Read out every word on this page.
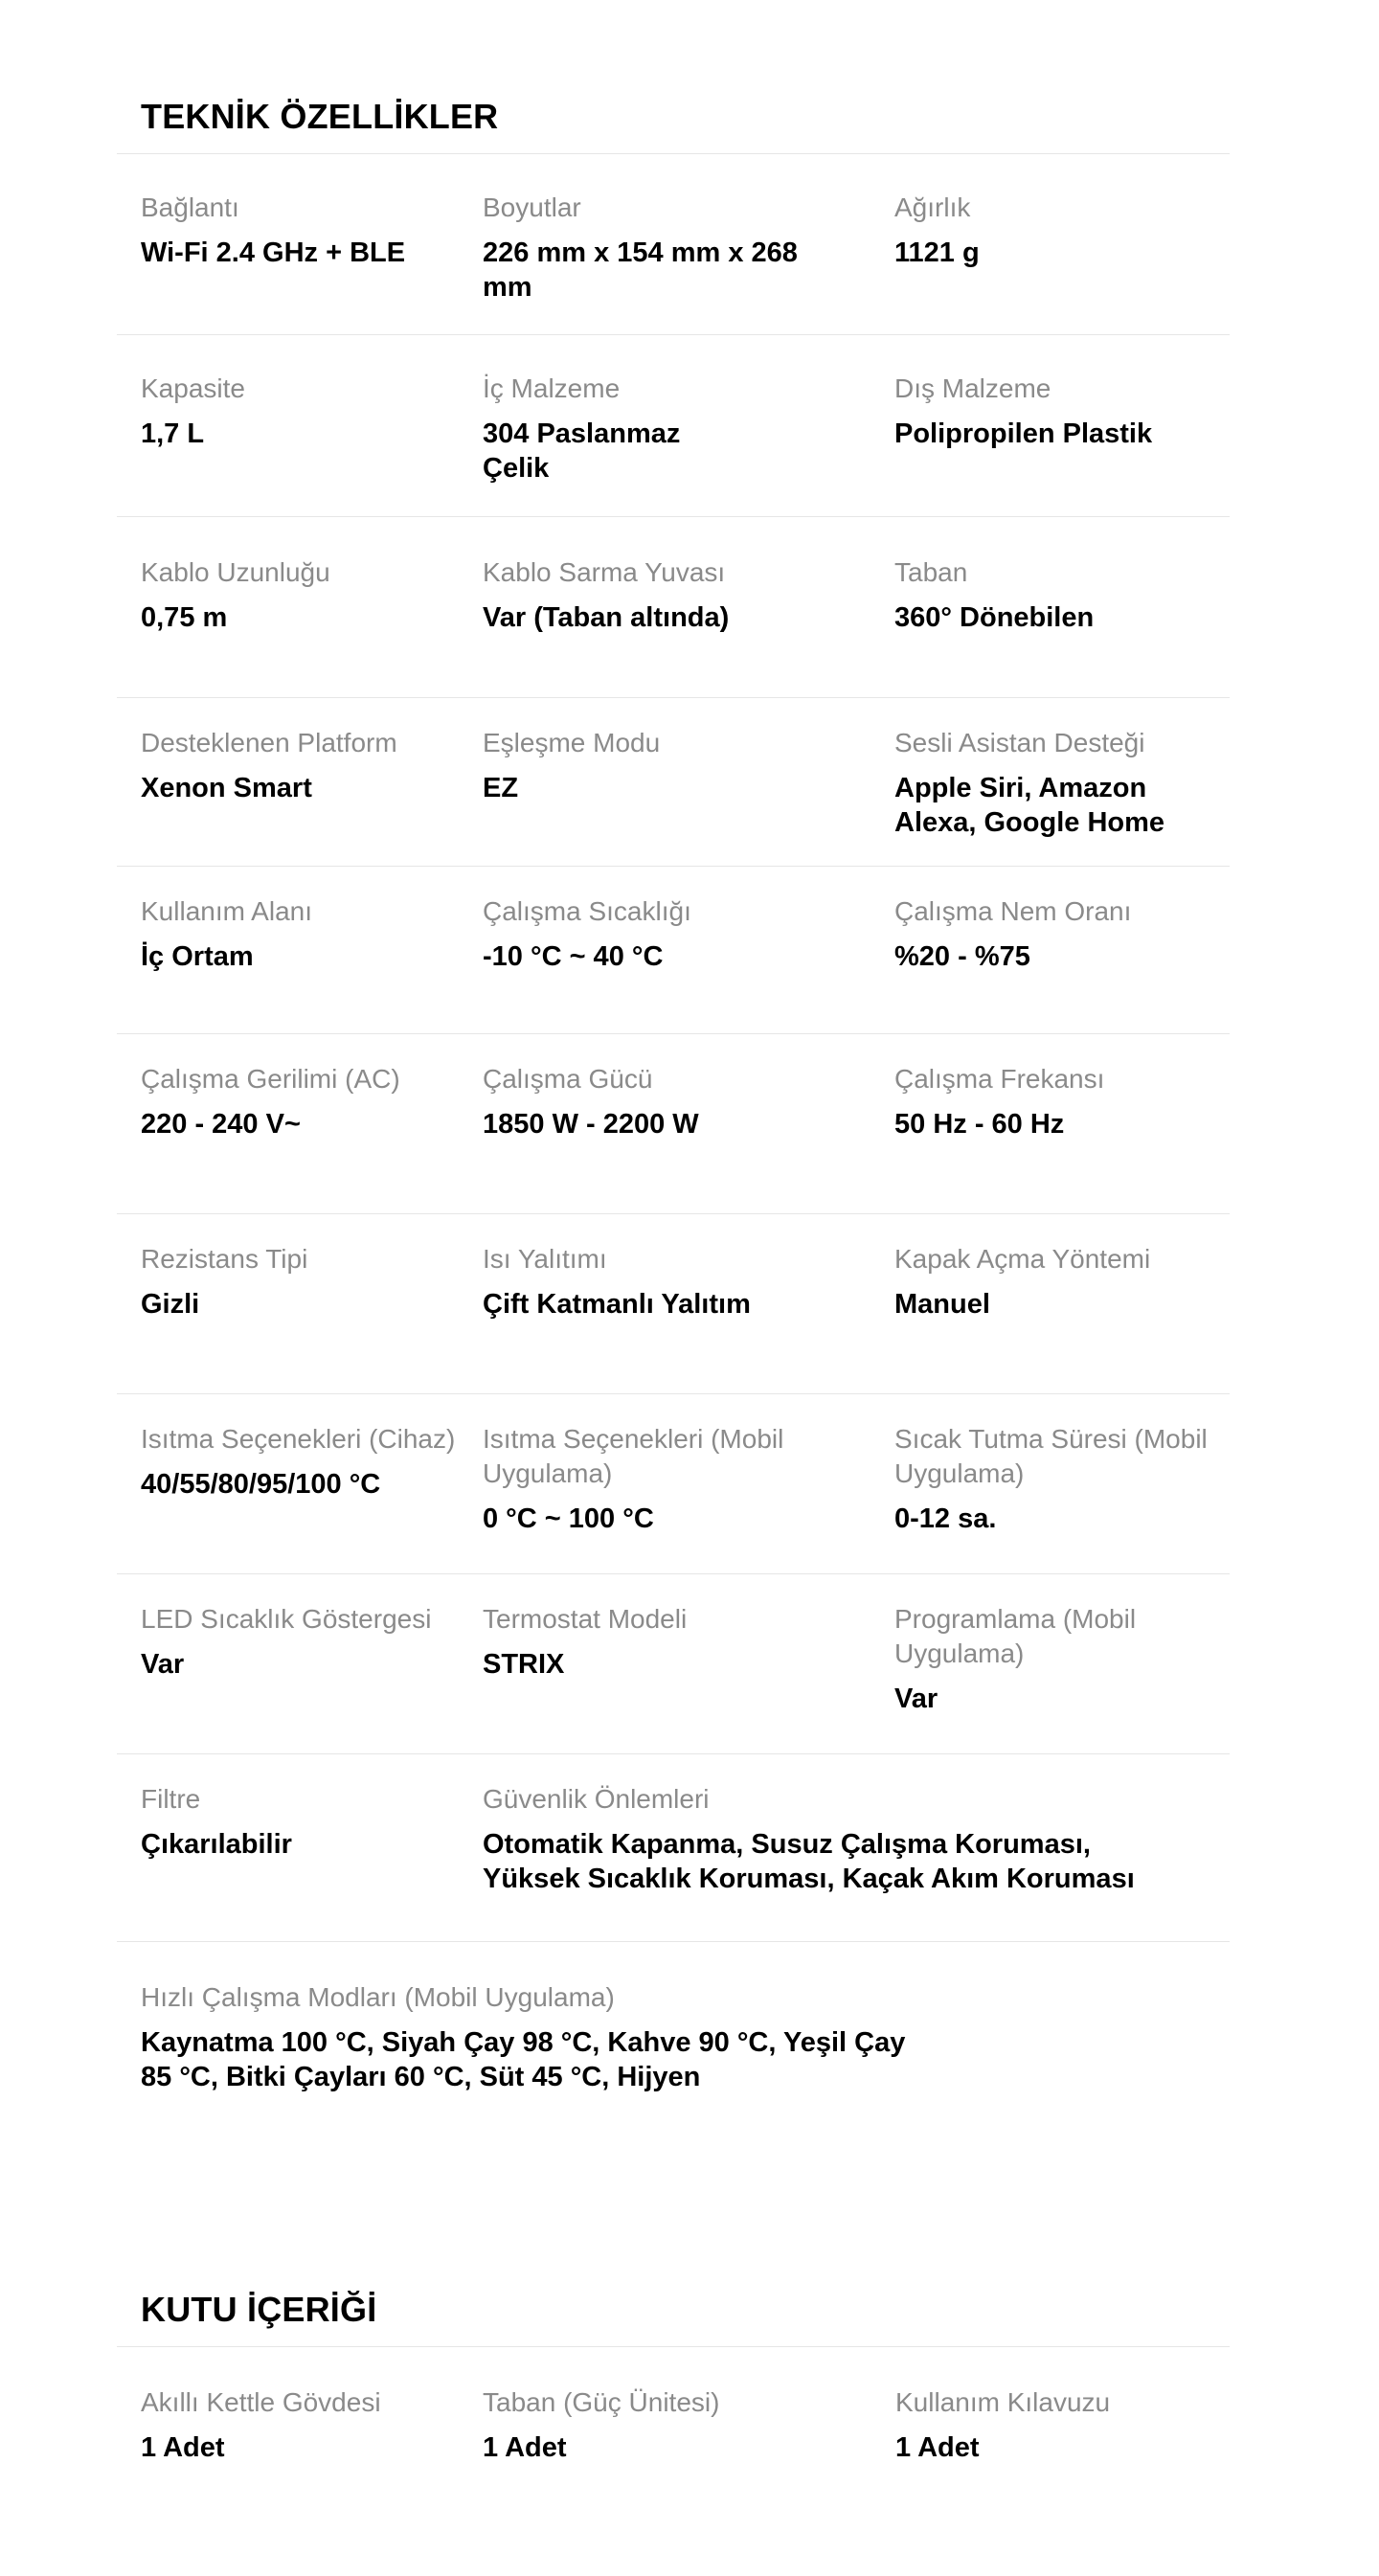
TEKNİK ÖZELLİKLER

Bağlantı

Wi-Fi 2.4 GHz + BLE

Boyutlar

226 mm x 154 mm x 268 mm

Ağırlık

1121 g

Kapasite

1,7 L

İç Malzeme

304 Paslanmaz Çelik

Dış Malzeme

Polipropilen Plastik

Kablo Uzunluğu

0,75 m

Kablo Sarma Yuvası

Var (Taban altında)

Taban

360° Dönebilen

Desteklenen Platform

Xenon Smart

Eşleşme Modu

EZ

Sesli Asistan Desteği

Apple Siri, Amazon Alexa, Google Home

Kullanım Alanı

İç Ortam

Çalışma Sıcaklığı

-10 °C ~ 40 °C

Çalışma Nem Oranı

%20 - %75

Çalışma Gerilimi (AC)

220 - 240 V~

Çalışma Gücü

1850 W - 2200 W

Çalışma Frekansı

50 Hz - 60 Hz

Rezistans Tipi

Gizli

Isı Yalıtımı

Çift Katmanlı Yalıtım

Kapak Açma Yöntemi

Manuel

Isıtma Seçenekleri (Cihaz)

40/55/80/95/100 °C

Isıtma Seçenekleri (Mobil Uygulama)

0 °C ~ 100 °C

Sıcak Tutma Süresi (Mobil Uygulama)

0-12 sa.

LED Sıcaklık Göstergesi

Var

Termostat Modeli

STRIX

Programlama (Mobil Uygulama)

Var

Filtre

Çıkarılabilir

Güvenlik Önlemleri

Otomatik Kapanma, Susuz Çalışma Koruması, Yüksek Sıcaklık Koruması, Kaçak Akım Koruması

Hızlı Çalışma Modları (Mobil Uygulama)

Kaynatma 100 °C, Siyah Çay 98 °C, Kahve 90 °C, Yeşil Çay 85 °C, Bitki Çayları 60 °C, Süt 45 °C, Hijyen

KUTU İÇERİĞİ

Akıllı Kettle Gövdesi

1 Adet

Taban (Güç Ünitesi)

1 Adet

Kullanım Kılavuzu

1 Adet
